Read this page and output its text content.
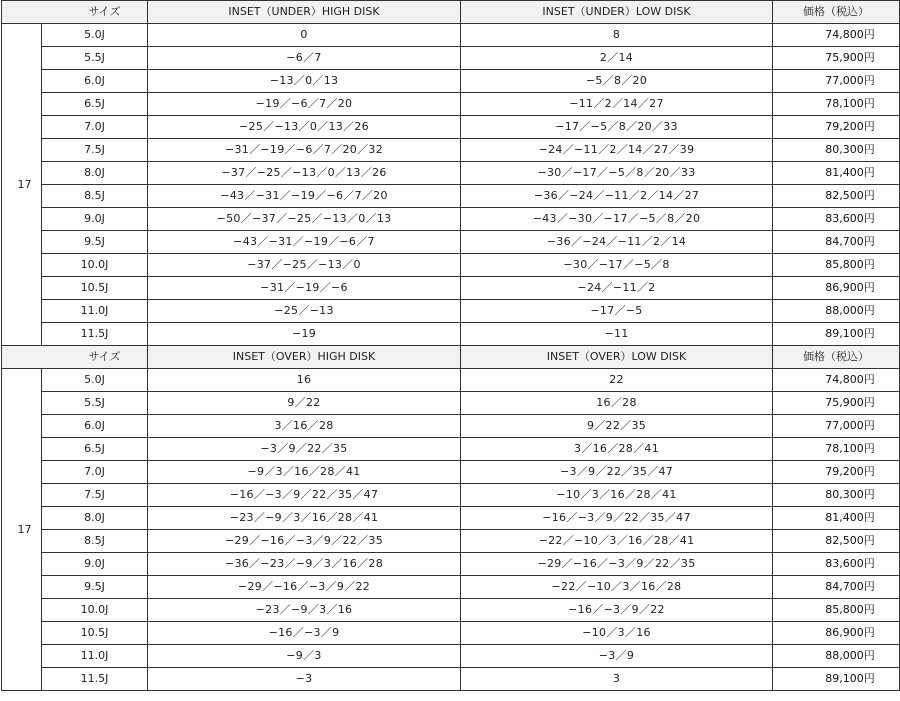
サイズ		INSET（UNDER）HIGH DISK	INSET（UNDER）LOW DISK	価格（税込）
17	5.0J	0	8	74,800円
	5.5J	−6／7	2／14	75,900円
	6.0J	−13／0／13	−5／8／20	77,000円
	6.5J	−19／−6／7／20	−11／2／14／27	78,100円
	7.0J	−25／−13／0／13／26	−17／−5／8／20／33	79,200円
	7.5J	−31／−19／−6／7／20／32	−24／−11／2／14／27／39	80,300円
	8.0J	−37／−25／−13／0／13／26	−30／−17／−5／8／20／33	81,400円
	8.5J	−43／−31／−19／−6／7／20	−36／−24／−11／2／14／27	82,500円
	9.0J	−50／−37／−25／−13／0／13	−43／−30／−17／−5／8／20	83,600円
	9.5J	−43／−31／−19／−6／7	−36／−24／−11／2／14	84,700円
	10.0J	−37／−25／−13／0	−30／−17／−5／8	85,800円
	10.5J	−31／−19／−6	−24／−11／2	86,900円
	11.0J	−25／−13	−17／−5	88,000円
	11.5J	−19	−11	89,100円
サイズ		INSET（OVER）HIGH DISK	INSET（OVER）LOW DISK	価格（税込）
17	5.0J	16	22	74,800円
	5.5J	9／22	16／28	75,900円
	6.0J	3／16／28	9／22／35	77,000円
	6.5J	−3／9／22／35	3／16／28／41	78,100円
	7.0J	−9／3／16／28／41	−3／9／22／35／47	79,200円
	7.5J	−16／−3／9／22／35／47	−10／3／16／28／41	80,300円
	8.0J	−23／−9／3／16／28／41	−16／−3／9／22／35／47	81,400円
	8.5J	−29／−16／−3／9／22／35	−22／−10／3／16／28／41	82,500円
	9.0J	−36／−23／−9／3／16／28	−29／−16／−3／9／22／35	83,600円
	9.5J	−29／−16／−3／9／22	−22／−10／3／16／28	84,700円
	10.0J	−23／−9／3／16	−16／−3／9／22	85,800円
	10.5J	−16／−3／9	−10／3／16	86,900円
	11.0J	−9／3	−3／9	88,000円
	11.5J	−3	3	89,100円
